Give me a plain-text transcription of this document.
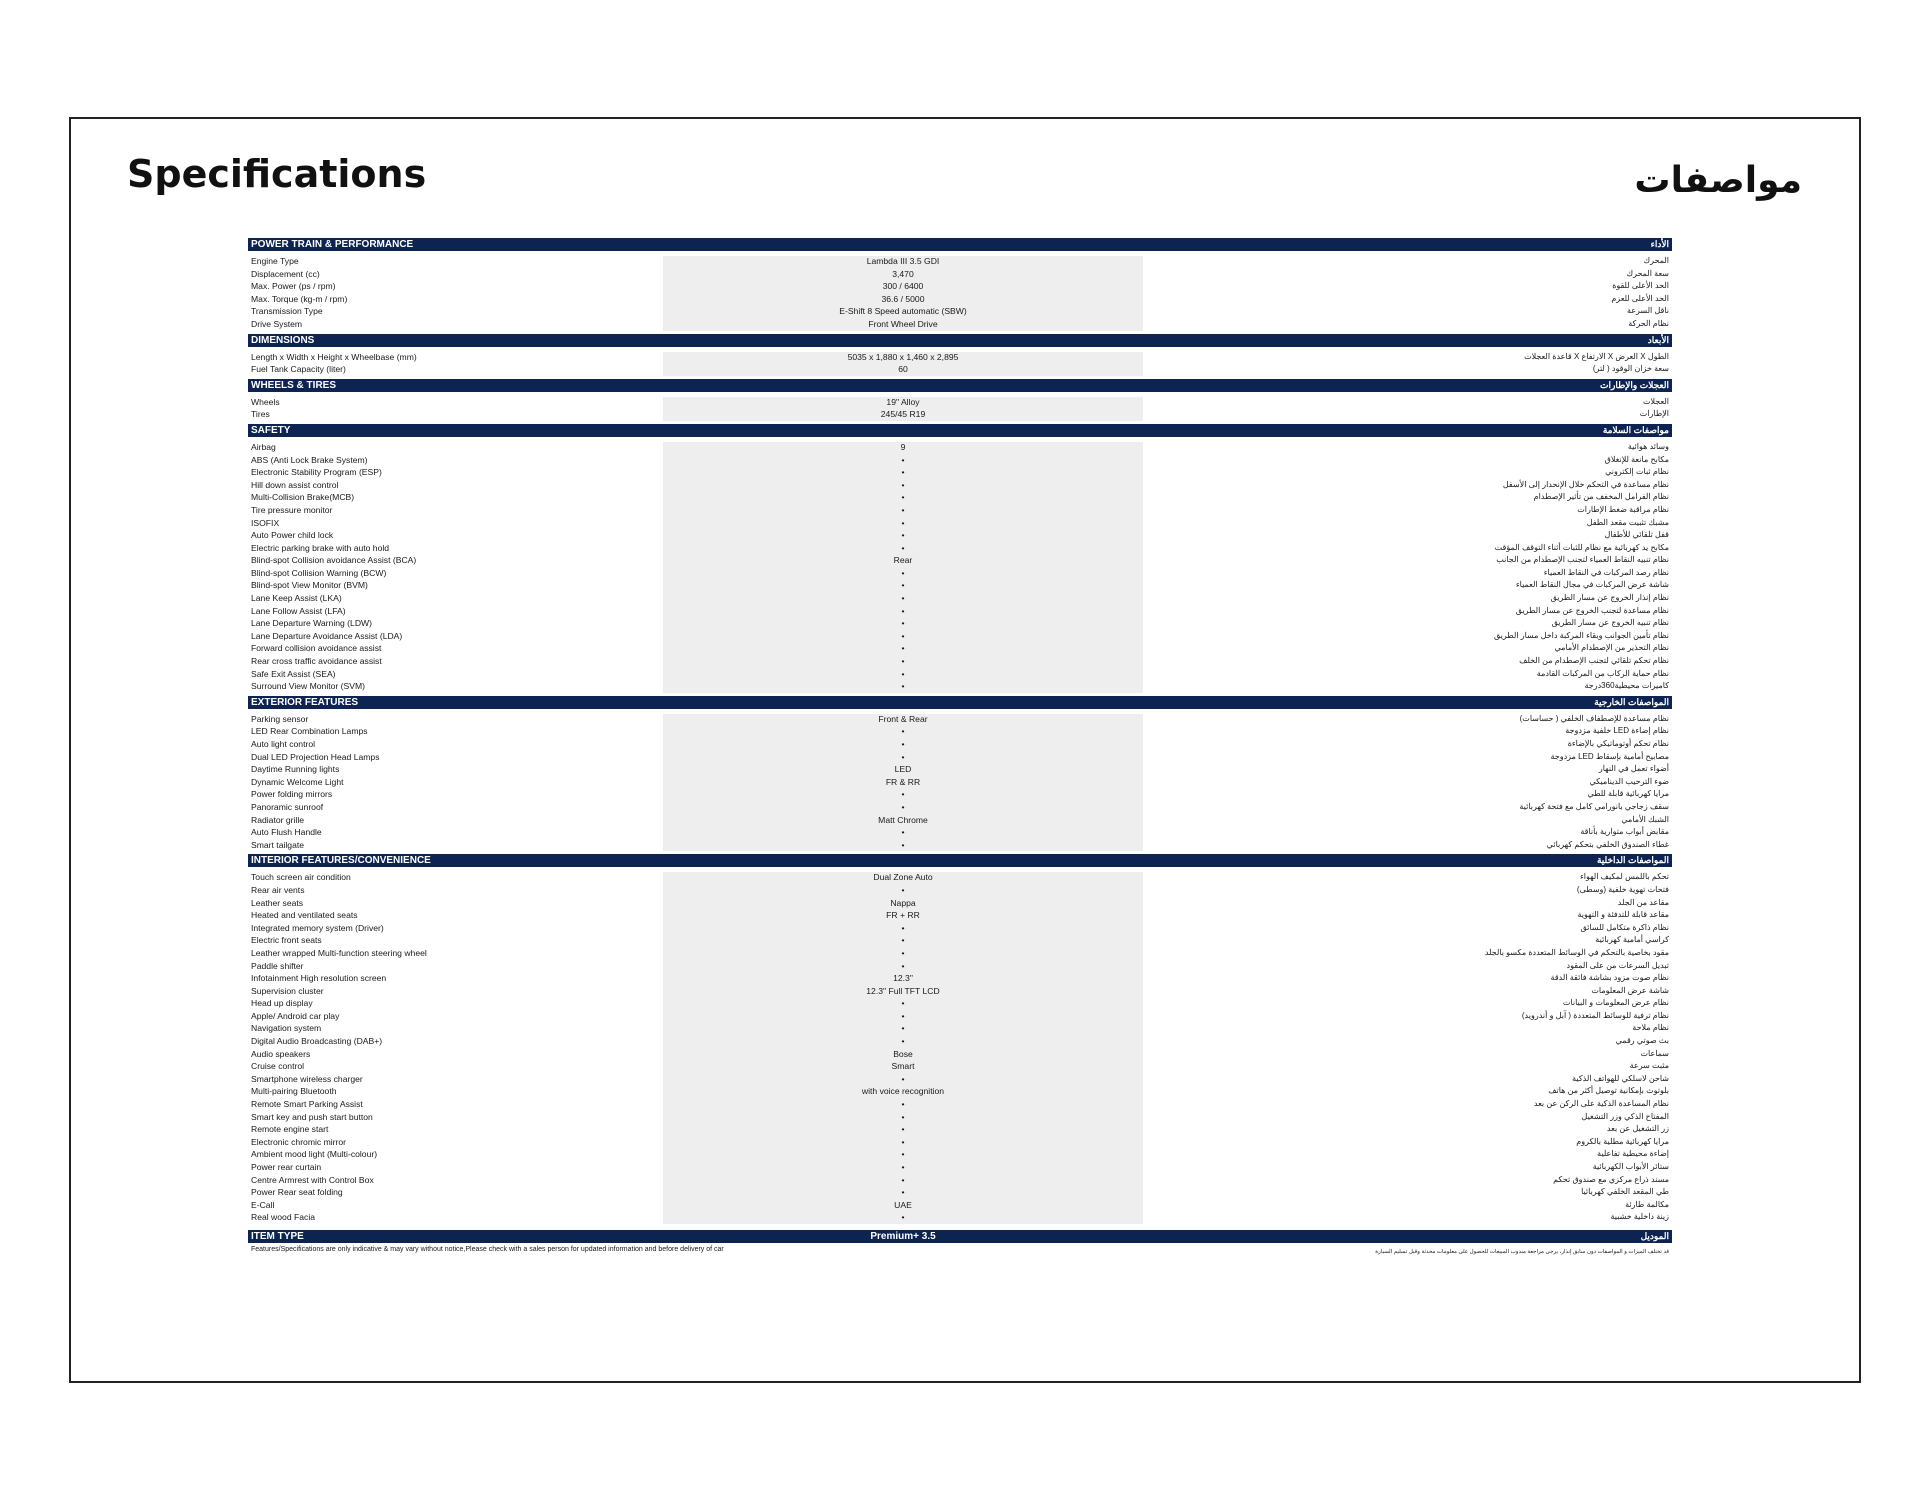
Specifications	مواصفات
POWER TRAIN & PERFORMANCE	الأداء
Engine Type	Lambda III 3.5 GDI	المحرك
Displacement (cc)	3,470	سعة المحرك
Max. Power (ps / rpm)	300 / 6400	الحد الأعلى للقوة
Max. Torque (kg-m / rpm)	36.6 / 5000	الحد الأعلى للعزم
Transmission Type	E-Shift 8 Speed automatic (SBW)	ناقل السرعة
Drive System	Front Wheel Drive	نظام الحركة
DIMENSIONS	الأبعاد
Length x Width x Height x Wheelbase (mm)	5035 x 1,880 x 1,460 x 2,895	الطول X العرض X الارتفاع X قاعدة العجلات
Fuel Tank Capacity (liter)	60	سعة خزان الوقود ( لتر)
WHEELS & TIRES	العجلات والإطارات
Wheels	19" Alloy	العجلات
Tires	245/45 R19	الإطارات
SAFETY	مواصفات السلامة
Airbag	9	وسائد هوائية
ABS (Anti Lock Brake System)	•	مكابح مانعة للإنغلاق
Electronic Stability Program (ESP)	•	نظام ثبات إلكتروني
Hill down assist control	•	نظام مساعدة في التحكم خلال الإنحدار إلى الأسفل
Multi-Collision Brake(MCB)	•	نظام الفرامل المخفف من تأثير الإصطدام
Tire pressure monitor	•	نظام مراقبة ضغط الإطارات
ISOFIX	•	مشبك تثبيت مقعد الطفل
Auto Power child lock	•	قفل تلقائي للأطفال
Electric parking brake with auto hold	•	مكابح يد كهربائية مع نظام للثبات أثناء التوقف المؤقت
Blind-spot Collision avoidance Assist (BCA)	Rear	نظام تنبيه النقاط العمياء لتجنب الإصطدام من الجانب
Blind-spot Collision Warning (BCW)	•	نظام رصد المركبات في النقاط العمياء
Blind-spot View Monitor (BVM)	•	شاشة عرض المركبات في مجال النقاط العمياء
Lane Keep Assist (LKA)	•	نظام إنذار الخروج عن مسار الطريق
Lane Follow Assist (LFA)	•	نظام مساعدة لتجنب الخروج عن مسار الطريق
Lane Departure Warning (LDW)	•	نظام تنبيه الخروج عن مسار الطريق
Lane Departure Avoidance Assist (LDA)	•	نظام تأمين الجوانب وبقاء المركبة داخل مسار الطريق
Forward collision avoidance assist	•	نظام التحذير من الإصطدام الأمامي
Rear cross traffic avoidance assist	•	نظام تحكم تلقائي لتجنب الإصطدام من الخلف
Safe Exit Assist (SEA)	•	نظام حماية الركاب من المركبات القادمة
Surround View Monitor (SVM)	•	كاميرات محيطية360درجة
EXTERIOR FEATURES	المواصفات الخارجية
Parking sensor	Front & Rear	نظام مساعدة للإصطفاف الخلفي ( حساسات)
LED Rear Combination Lamps	•	نظام إضاءة LED خلفية مزدوجة
Auto light control	•	نظام تحكم أوتوماتيكي بالإضاءة
Dual LED Projection Head Lamps	•	مصابيح أمامية بإسقاط LED مزدوجة
Daytime Running lights	LED	أضواء تعمل في النهار
Dynamic Welcome Light	FR & RR	ضوء الترحيب الديناميكي
Power folding mirrors	•	مرايا كهربائية قابلة للطي
Panoramic sunroof	•	سقف زجاجي بانورامي كامل مع فتحة كهربائية
Radiator grille	Matt Chrome	الشبك الأمامي
Auto Flush Handle	•	مقابض أبواب متوارية بأناقة
Smart tailgate	•	غطاء الصندوق الخلفي بتحكم كهربائي
INTERIOR FEATURES/CONVENIENCE	المواصفات الداخلية
Touch screen air condition	Dual Zone Auto	تحكم باللمس لمكيف الهواء
Rear air vents	•	فتحات تهوية خلفية (وسطى)
Leather seats	Nappa	مقاعد من الجلد
Heated and ventilated seats	FR + RR	مقاعد قابلة للتدفئة و التهوية
Integrated memory system (Driver)	•	نظام ذاكرة متكامل للسائق
Electric front seats	•	كراسي أمامية كهربائية
Leather wrapped Multi-function steering wheel	•	مقود بخاصية بالتحكم في الوسائط المتعددة مكسو بالجلد
Paddle shifter	•	تبديل السرعات من على المقود
Infotainment High resolution screen	12.3"	نظام صوت مزود بشاشة فائقة الدقة
Supervision cluster	12.3" Full TFT LCD	شاشة عرض المعلومات
Head up display	•	نظام عرض المعلومات و البيانات
Apple/ Android car play	•	نظام ترفية للوسائط المتعددة ( آبل و أندرويد)
Navigation system	•	نظام ملاحة
Digital Audio Broadcasting (DAB+)	•	بث صوتي رقمي
Audio speakers	Bose	سماعات
Cruise control	Smart	مثبت سرعة
Smartphone wireless charger	•	شاحن لاسلكي للهواتف الذكية
Multi-pairing Bluetooth	with voice recognition	بلوتوث بإمكانية توصيل أكثر من هاتف
Remote Smart Parking Assist	•	نظام المساعدة الذكية على الركن عن بعد
Smart key and push start button	•	المفتاح الذكي وزر التشغيل
Remote engine start	•	زر التشغيل عن بعد
Electronic chromic mirror	•	مرايا كهربائية مطلية بالكروم
Ambient mood light (Multi-colour)	•	إضاءة محيطية تفاعلية
Power rear curtain	•	ستائر الأبواب الكهربائية
Centre Armrest with Control Box	•	مسند ذراع مركزي مع صندوق تحكم
Power Rear seat folding	•	طي المقعد الخلفي كهربائيا
E-Call	UAE	مكالمة طارئة
Real wood Facia	•	زينة داخلية خشبية
ITEM TYPE	Premium+ 3.5	الموديل
Features/Specifications are only indicative & may vary without notice,Please check with a sales person for updated information and before delivery of car	قد تختلف الميزات و المواصفات دون سابق إنذار، يرجى مراجعة مندوب المبيعات للحصول على معلومات محدثة وقبل تسليم السيارة
